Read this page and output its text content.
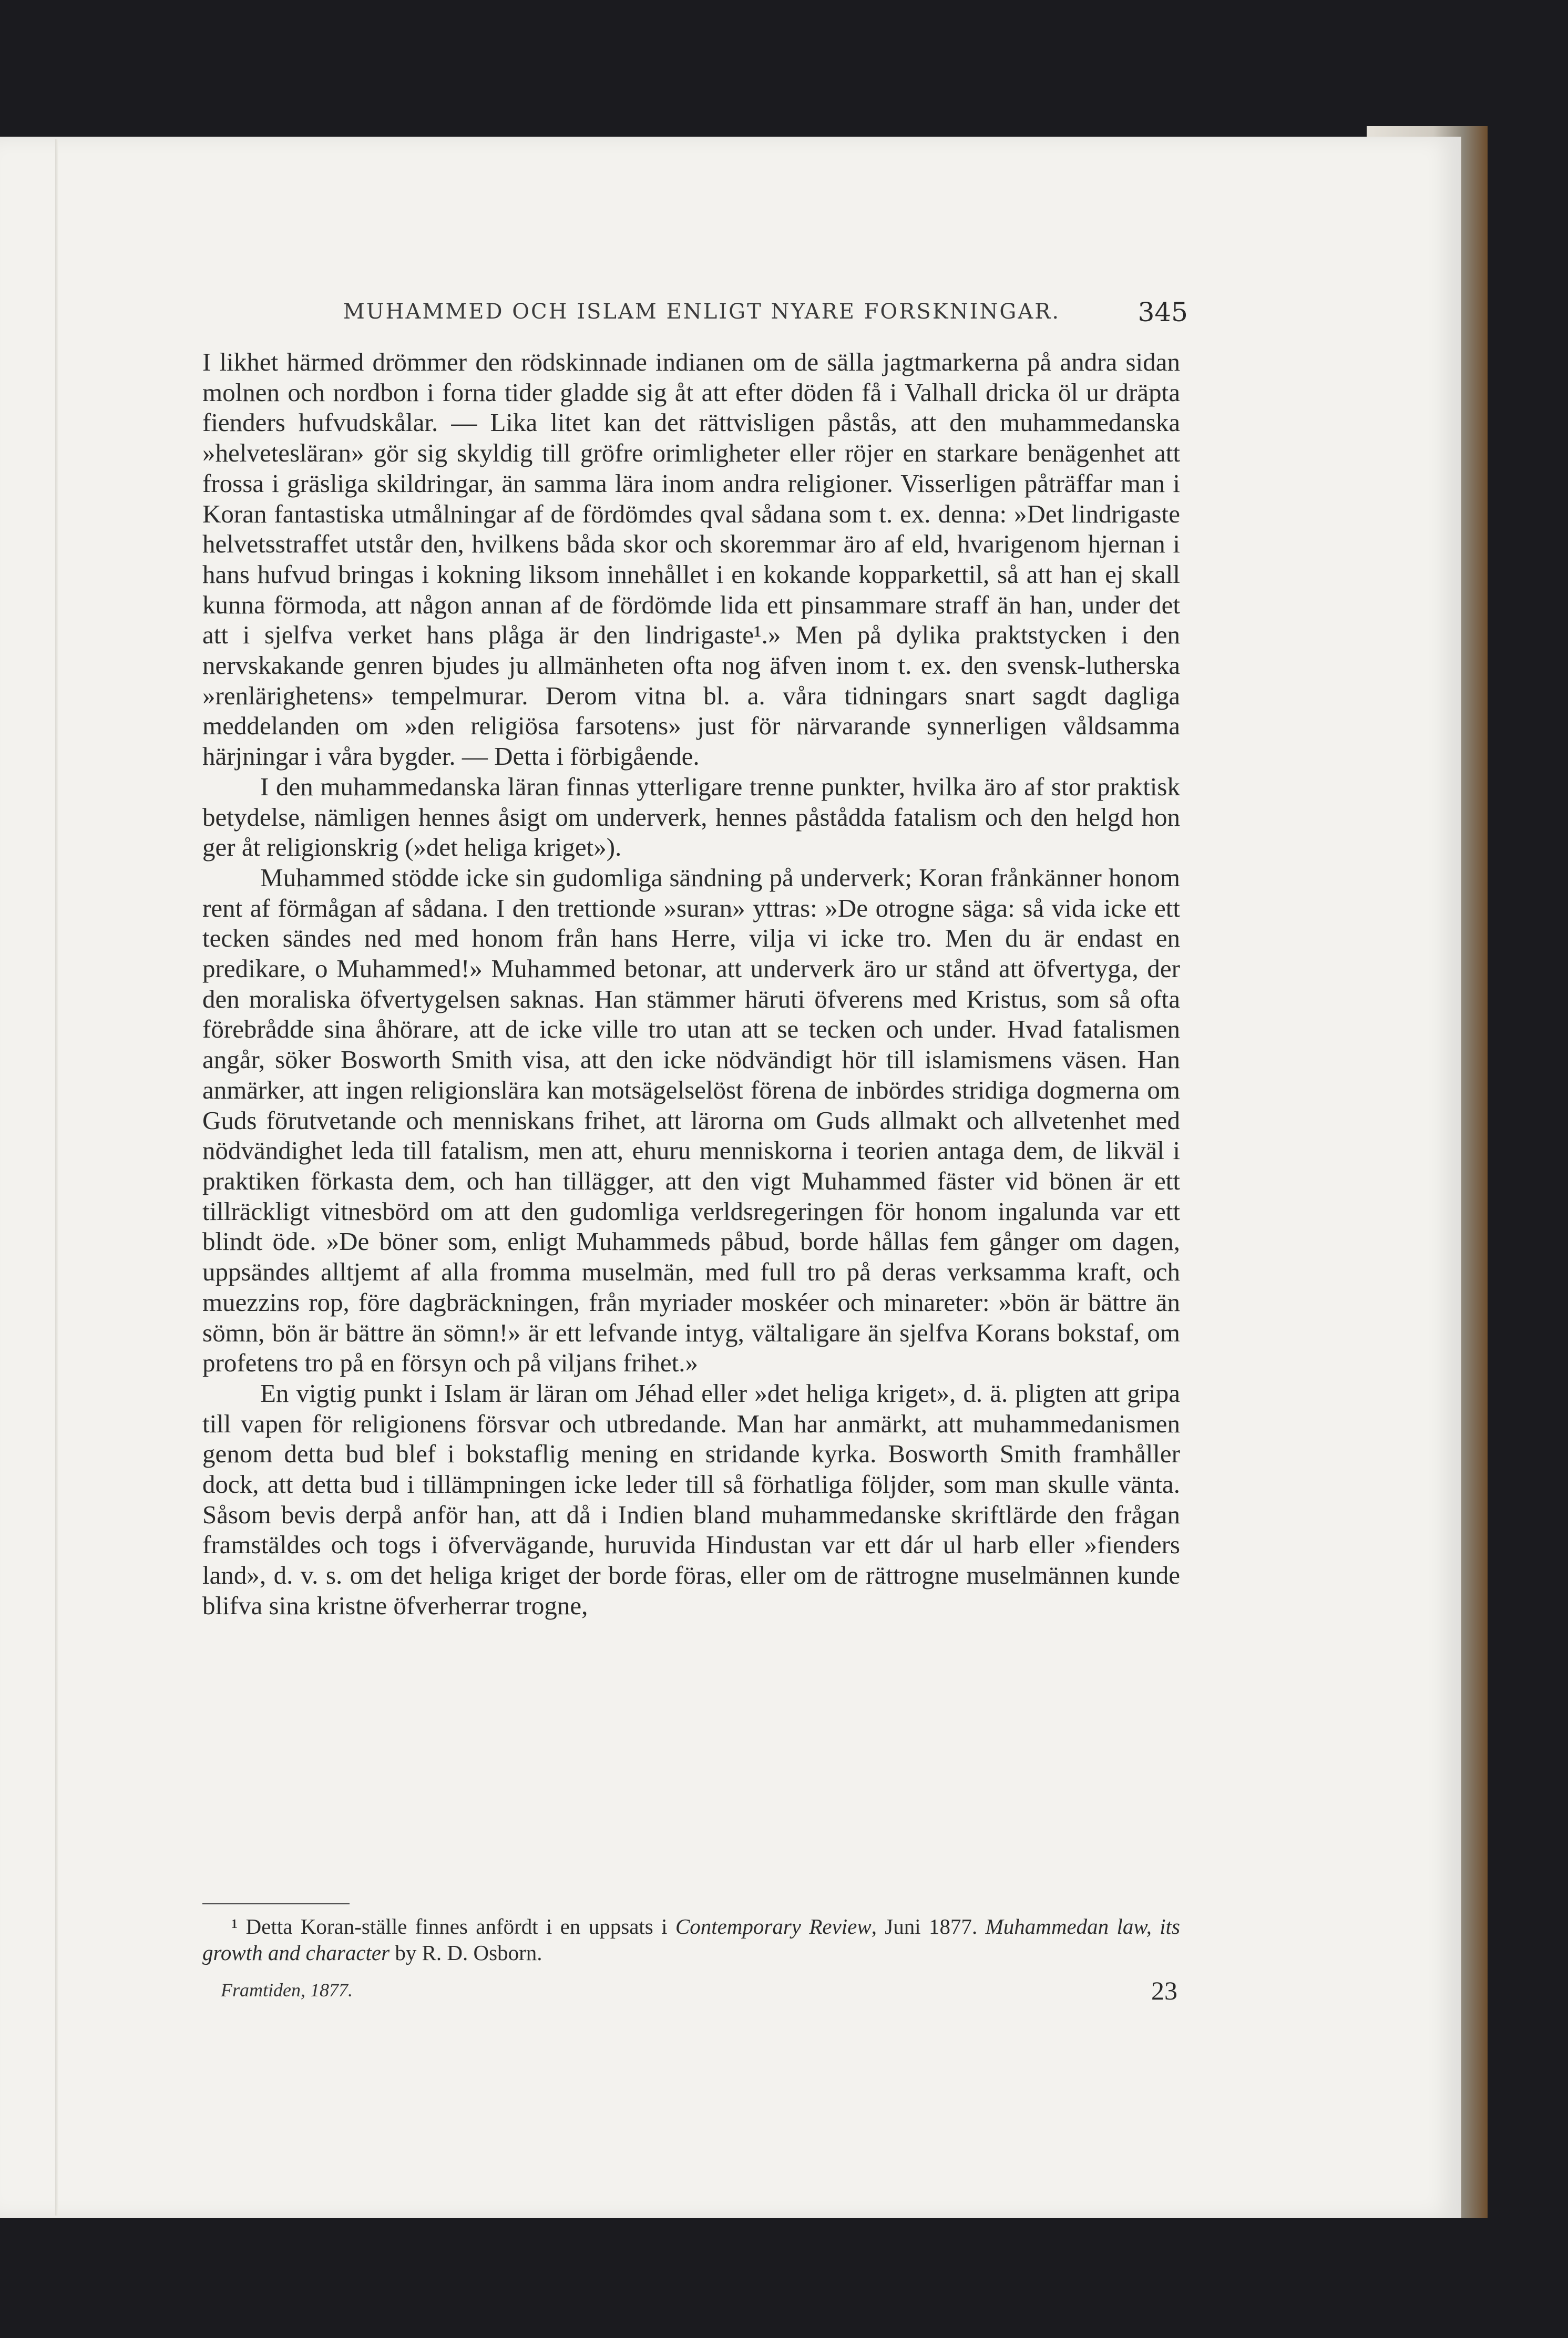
MUHAMMED OCH ISLAM ENLIGT NYARE FORSKNINGAR.	345

I likhet härmed drömmer den rödskinnade indianen om de sälla jagtmarkerna på andra sidan molnen och nordbon i forna tider gladde sig åt att efter döden få i Valhall dricka öl ur dräpta fienders hufvudskålar. — Lika litet kan det rättvisligen påstås, att den muhammedanska »helvetesläran» gör sig skyldig till gröfre orimligheter eller röjer en starkare benägenhet att frossa i gräsliga skildringar, än samma lära inom andra religioner. Visserligen påträffar man i Koran fantastiska utmålningar af de fördömdes qval sådana som t. ex. denna: »Det lindrigaste helvetsstraffet utstår den, hvilkens båda skor och skoremmar äro af eld, hvarigenom hjernan i hans hufvud bringas i kokning liksom innehållet i en kokande kopparkettil, så att han ej skall kunna förmoda, att någon annan af de fördömde lida ett pinsammare straff än han, under det att i sjelfva verket hans plåga är den lindrigaste¹.» Men på dylika praktstycken i den nervskakande genren bjudes ju allmänheten ofta nog äfven inom t. ex. den svensk-lutherska »renlärighetens» tempelmurar. Derom vitna bl. a. våra tidningars snart sagdt dagliga meddelanden om »den religiösa farsotens» just för närvarande synnerligen våldsamma härjningar i våra bygder. — Detta i förbigående.

I den muhammedanska läran finnas ytterligare trenne punkter, hvilka äro af stor praktisk betydelse, nämligen hennes åsigt om underverk, hennes påstådda fatalism och den helgd hon ger åt religionskrig (»det heliga kriget»).

Muhammed stödde icke sin gudomliga sändning på underverk; Koran frånkänner honom rent af förmågan af sådana. I den trettionde »suran» yttras: »De otrogne säga: så vida icke ett tecken sändes ned med honom från hans Herre, vilja vi icke tro. Men du är endast en predikare, o Muhammed!» Muhammed betonar, att underverk äro ur stånd att öfvertyga, der den moraliska öfvertygelsen saknas. Han stämmer häruti öfverens med Kristus, som så ofta förebrådde sina åhörare, att de icke ville tro utan att se tecken och under. Hvad fatalismen angår, söker Bosworth Smith visa, att den icke nödvändigt hör till islamismens väsen. Han anmärker, att ingen religionslära kan motsägelselöst förena de inbördes stridiga dogmerna om Guds förutvetande och menniskans frihet, att lärorna om Guds allmakt och allvetenhet med nödvändighet leda till fatalism, men att, ehuru menniskorna i teorien antaga dem, de likväl i praktiken förkasta dem, och han tillägger, att den vigt Muhammed fäster vid bönen är ett tillräckligt vitnesbörd om att den gudomliga verldsregeringen för honom ingalunda var ett blindt öde. »De böner som, enligt Muhammeds påbud, borde hållas fem gånger om dagen, uppsändes alltjemt af alla fromma muselmän, med full tro på deras verksamma kraft, och muezzins rop, före dagbräckningen, från myriader moskéer och minareter: »bön är bättre än sömn, bön är bättre än sömn!» är ett lefvande intyg, vältaligare än sjelfva Korans bokstaf, om profetens tro på en försyn och på viljans frihet.»

En vigtig punkt i Islam är läran om Jéhad eller »det heliga kriget», d. ä. pligten att gripa till vapen för religionens försvar och utbredande. Man har anmärkt, att muhammedanismen genom detta bud blef i bokstaflig mening en stridande kyrka. Bosworth Smith framhåller dock, att detta bud i tillämpningen icke leder till så förhatliga följder, som man skulle vänta. Såsom bevis derpå anför han, att då i Indien bland muhammedanske skriftlärde den frågan framstäldes och togs i öfvervägande, huruvida Hindustan var ett dár ul harb eller »fienders land», d. v. s. om det heliga kriget der borde föras, eller om de rättrogne muselmännen kunde blifva sina kristne öfverherrar trogne,

¹ Detta Koran-ställe finnes anfördt i en uppsats i Contemporary Review, Juni 1877. Muhammedan law, its growth and character by R. D. Osborn.
Framtiden, 1877.	23
